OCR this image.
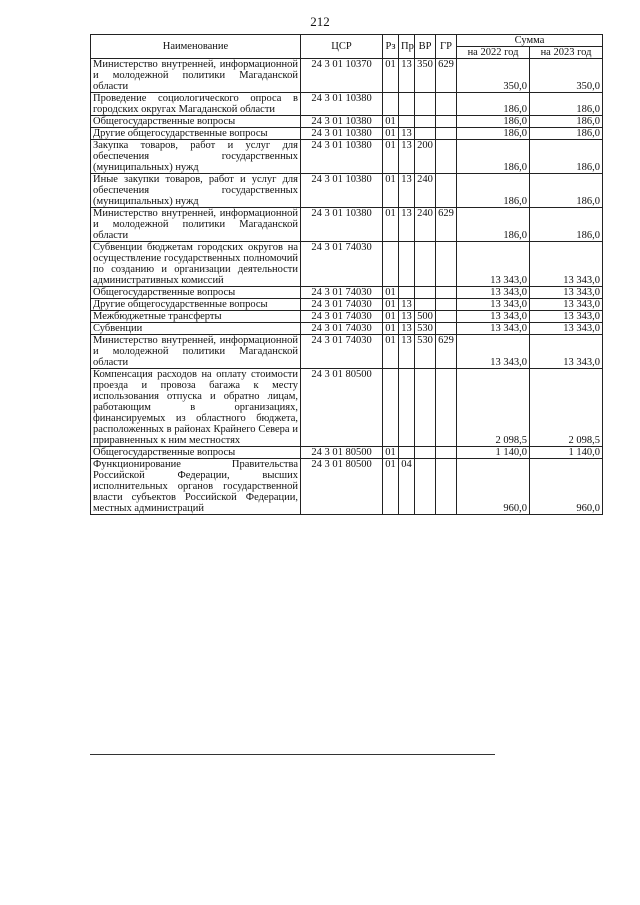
212
Наименование	ЦСР	Рз	Пр	ВР	ГР	Сумма	
						на 2022 год	на 2023 год
Министерство внутренней, информационной и молодежной политики Магаданской области	24 3 01 10370	01	13	350	629	350,0	350,0
Проведение социологического опроса в городских округах Магаданской области	24 3 01 10380					186,0	186,0
Общегосударственные вопросы	24 3 01 10380	01				186,0	186,0
Другие общегосударственные вопросы	24 3 01 10380	01	13			186,0	186,0
Закупка товаров, работ и услуг для обеспечения государственных (муниципальных) нужд	24 3 01 10380	01	13	200		186,0	186,0
Иные закупки товаров, работ и услуг для обеспечения государственных (муниципальных) нужд	24 3 01 10380	01	13	240		186,0	186,0
Министерство внутренней, информационной и молодежной политики Магаданской области	24 3 01 10380	01	13	240	629	186,0	186,0
Субвенции бюджетам городских округов на осуществление государственных полномочий по созданию и организации деятельности административных комиссий	24 3 01 74030					13 343,0	13 343,0
Общегосударственные вопросы	24 3 01 74030	01				13 343,0	13 343,0
Другие общегосударственные вопросы	24 3 01 74030	01	13			13 343,0	13 343,0
Межбюджетные трансферты	24 3 01 74030	01	13	500		13 343,0	13 343,0
Субвенции	24 3 01 74030	01	13	530		13 343,0	13 343,0
Министерство внутренней, информационной и молодежной политики Магаданской области	24 3 01 74030	01	13	530	629	13 343,0	13 343,0
Компенсация расходов на оплату стоимости проезда и провоза багажа к месту использования отпуска и обратно лицам, работающим в организациях, финансируемых из областного бюджета, расположенных в районах Крайнего Севера и приравненных к ним местностях	24 3 01 80500					2 098,5	2 098,5
Общегосударственные вопросы	24 3 01 80500	01				1 140,0	1 140,0
Функционирование Правительства Российской Федерации, высших исполнительных органов государственной власти субъектов Российской Федерации, местных администраций	24 3 01 80500	01	04			960,0	960,0
